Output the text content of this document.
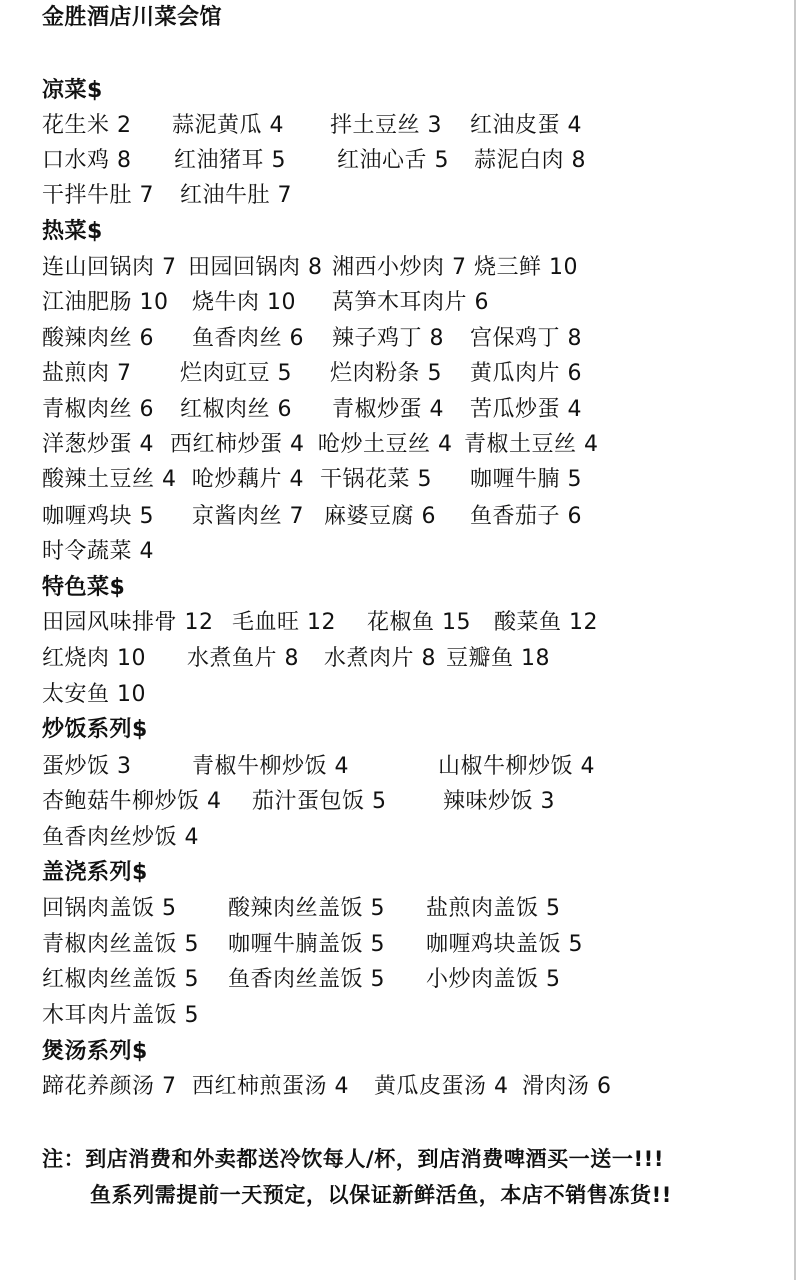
金胜酒店川菜会馆
凉菜$
花生米 2 蒜泥黄瓜 4 拌土豆丝 3 红油皮蛋 4
口水鸡 8 红油猪耳 5 红油心舌 5 蒜泥白肉 8
干拌牛肚 7 红油牛肚 7
热菜$
连山回锅肉 7 田园回锅肉 8 湘西小炒肉 7 烧三鲜 10
江油肥肠 10 烧牛肉 10 莴笋木耳肉片 6
酸辣肉丝 6 鱼香肉丝 6 辣子鸡丁 8 宫保鸡丁 8
盐煎肉 7 烂肉豇豆 5 烂肉粉条 5 黄瓜肉片 6
青椒肉丝 6 红椒肉丝 6 青椒炒蛋 4 苦瓜炒蛋 4
洋葱炒蛋 4 西红柿炒蛋 4 呛炒土豆丝 4 青椒土豆丝 4
酸辣土豆丝 4 呛炒藕片 4 干锅花菜 5 咖喱牛腩 5
咖喱鸡块 5 京酱肉丝 7 麻婆豆腐 6 鱼香茄子 6
时令蔬菜 4
特色菜$
田园风味排骨 12 毛血旺 12 花椒鱼 15 酸菜鱼 12
红烧肉 10 水煮鱼片 8 水煮肉片 8 豆瓣鱼 18
太安鱼 10
炒饭系列$
蛋炒饭 3	青椒牛柳炒饭 4	山椒牛柳炒饭 4
杏鲍菇牛柳炒饭 4 茄汁蛋包饭 5	辣味炒饭 3
鱼香肉丝炒饭 4
盖浇系列$
回锅肉盖饭 5 酸辣肉丝盖饭 5 盐煎肉盖饭 5
青椒肉丝盖饭 5 咖喱牛腩盖饭 5 咖喱鸡块盖饭 5
红椒肉丝盖饭 5 鱼香肉丝盖饭 5 小炒肉盖饭 5
木耳肉片盖饭 5
煲汤系列$
蹄花养颜汤 7 西红柿煎蛋汤 4 黄瓜皮蛋汤 4 滑肉汤 6
注：到店消费和外卖都送冷饮每人/杯，到店消费啤酒买一送一!!!
鱼系列需提前一天预定，以保证新鲜活鱼，本店不销售冻货!!
